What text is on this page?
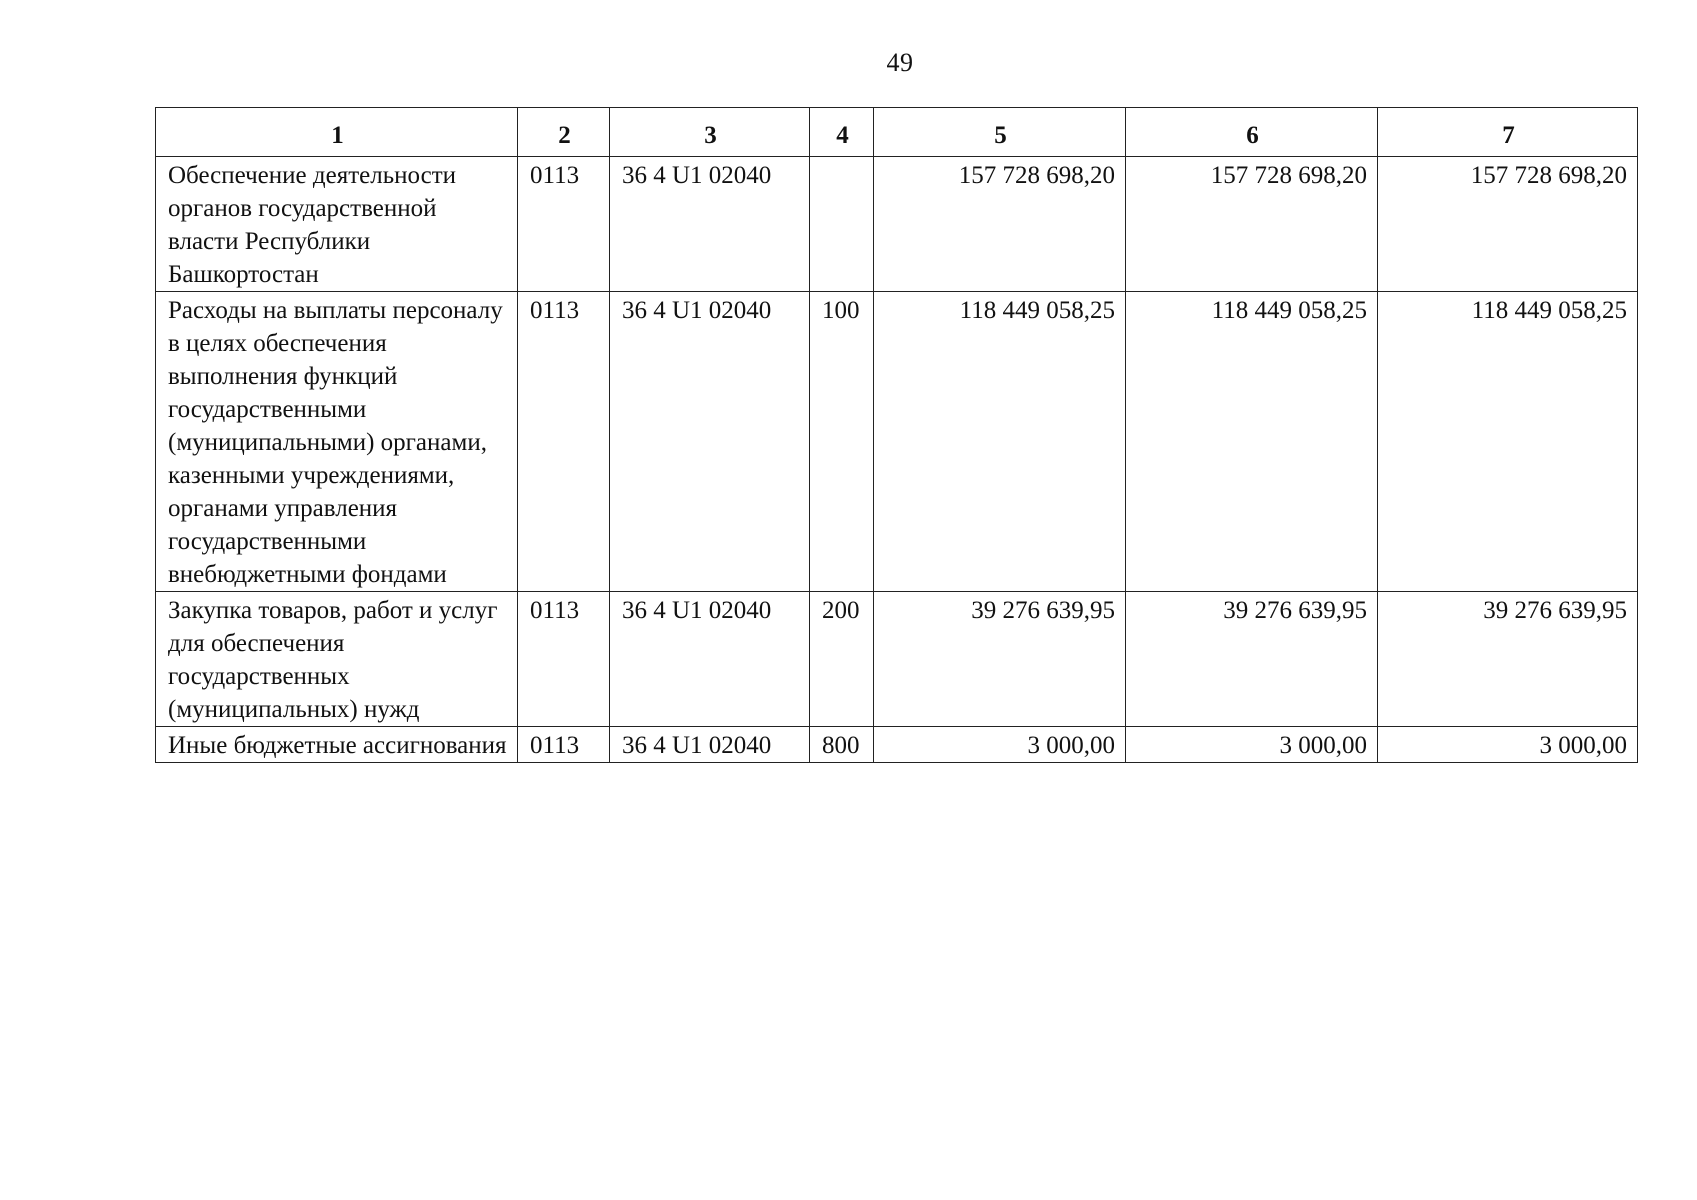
49
1	2	3	4	5	6	7
Обеспечение деятельности органов государственной власти Республики Башкортостан	0113	36 4 U1 02040		157 728 698,20	157 728 698,20	157 728 698,20
Расходы на выплаты персоналу в целях обеспечения выполнения функций государственными (муниципальными) органами, казенными учреждениями, органами управления государственными внебюджетными фондами	0113	36 4 U1 02040	100	118 449 058,25	118 449 058,25	118 449 058,25
Закупка товаров, работ и услуг для обеспечения государственных (муниципальных) нужд	0113	36 4 U1 02040	200	39 276 639,95	39 276 639,95	39 276 639,95
Иные бюджетные ассигнования	0113	36 4 U1 02040	800	3 000,00	3 000,00	3 000,00
